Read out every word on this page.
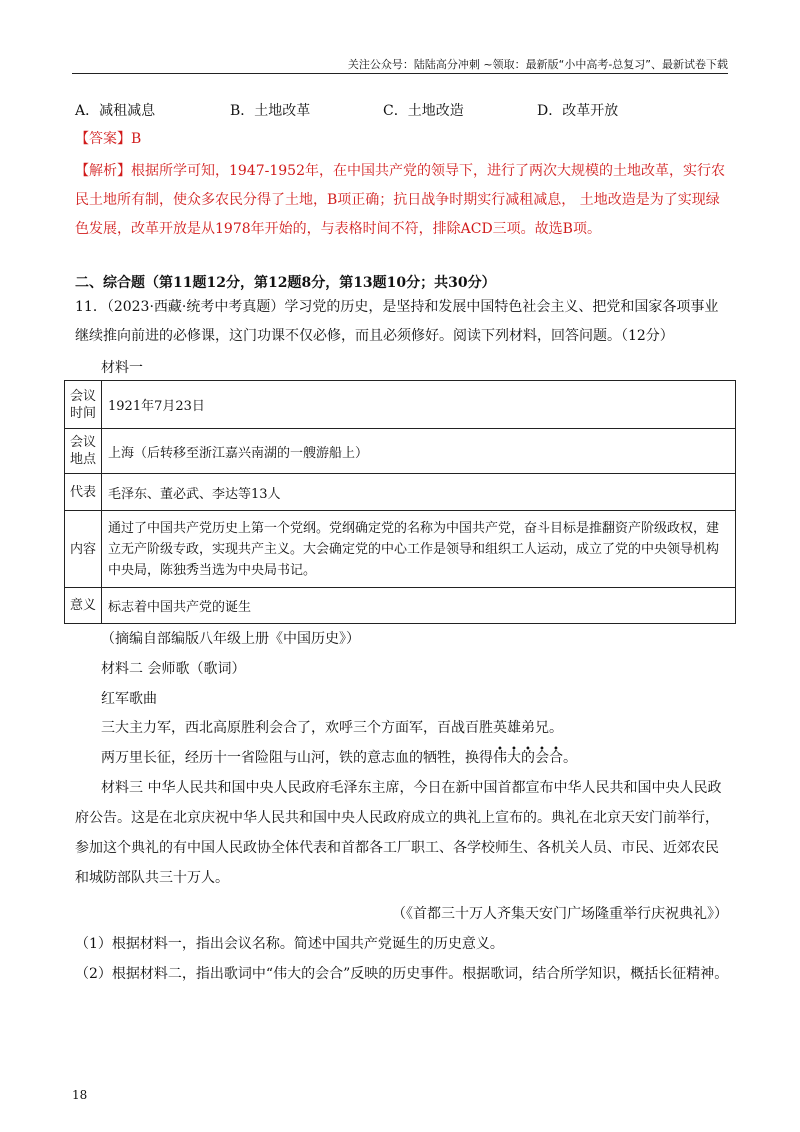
关注公众号：陆陆高分冲刺 ~领取：最新版“小中高考-总复习”、最新试卷下载
A．减租减息	B．土地改革	C．土地改造	D．改革开放
【答案】B
【解析】根据所学可知，1947-1952年，在中国共产党的领导下，进行了两次大规模的土地改革，实行农民土地所有制，使众多农民分得了土地，B项正确；抗日战争时期实行减租减息， 土地改造是为了实现绿色发展，改革开放是从1978年开始的，与表格时间不符，排除ACD三项。故选B项。
二、综合题（第11题12分，第12题8分，第13题10分；共30分）
11．（2023·西藏·统考中考真题）学习党的历史，是坚持和发展中国特色社会主义、把党和国家各项事业继续推向前进的必修课，这门功课不仅必修，而且必须修好。阅读下列材料，回答问题。（12分）
材料一
会议时间	1921年7月23日
会议地点	上海（后转移至浙江嘉兴南湖的一艘游船上）
代表	毛泽东、董必武、李达等13人
内容	通过了中国共产党历史上第一个党纲。党纲确定党的名称为中国共产党，奋斗目标是推翻资产阶级政权，建立无产阶级专政，实现共产主义。大会确定党的中心工作是领导和组织工人运动，成立了党的中央领导机构中央局，陈独秀当选为中央局书记。
意义	标志着中国共产党的诞生
（摘编自部编版八年级上册《中国历史》）
材料二 会师歌（歌词）
红军歌曲
三大主力军，西北高原胜利会合了，欢呼三个方面军，百战百胜英雄弟兄。
两万里长征，经历十一省险阻与山河，铁的意志血的牺牲，换得伟大的会合。
材料三 中华人民共和国中央人民政府毛泽东主席，今日在新中国首都宣布中华人民共和国中央人民政府公告。这是在北京庆祝中华人民共和国中央人民政府成立的典礼上宣布的。典礼在北京天安门前举行，参加这个典礼的有中国人民政协全体代表和首都各工厂职工、各学校师生、各机关人员、市民、近郊农民和城防部队共三十万人。
（《首都三十万人齐集天安门广场隆重举行庆祝典礼》）
（1）根据材料一，指出会议名称。简述中国共产党诞生的历史意义。
（2）根据材料二，指出歌词中“伟大的会合”反映的历史事件。根据歌词，结合所学知识，概括长征精神。
18
